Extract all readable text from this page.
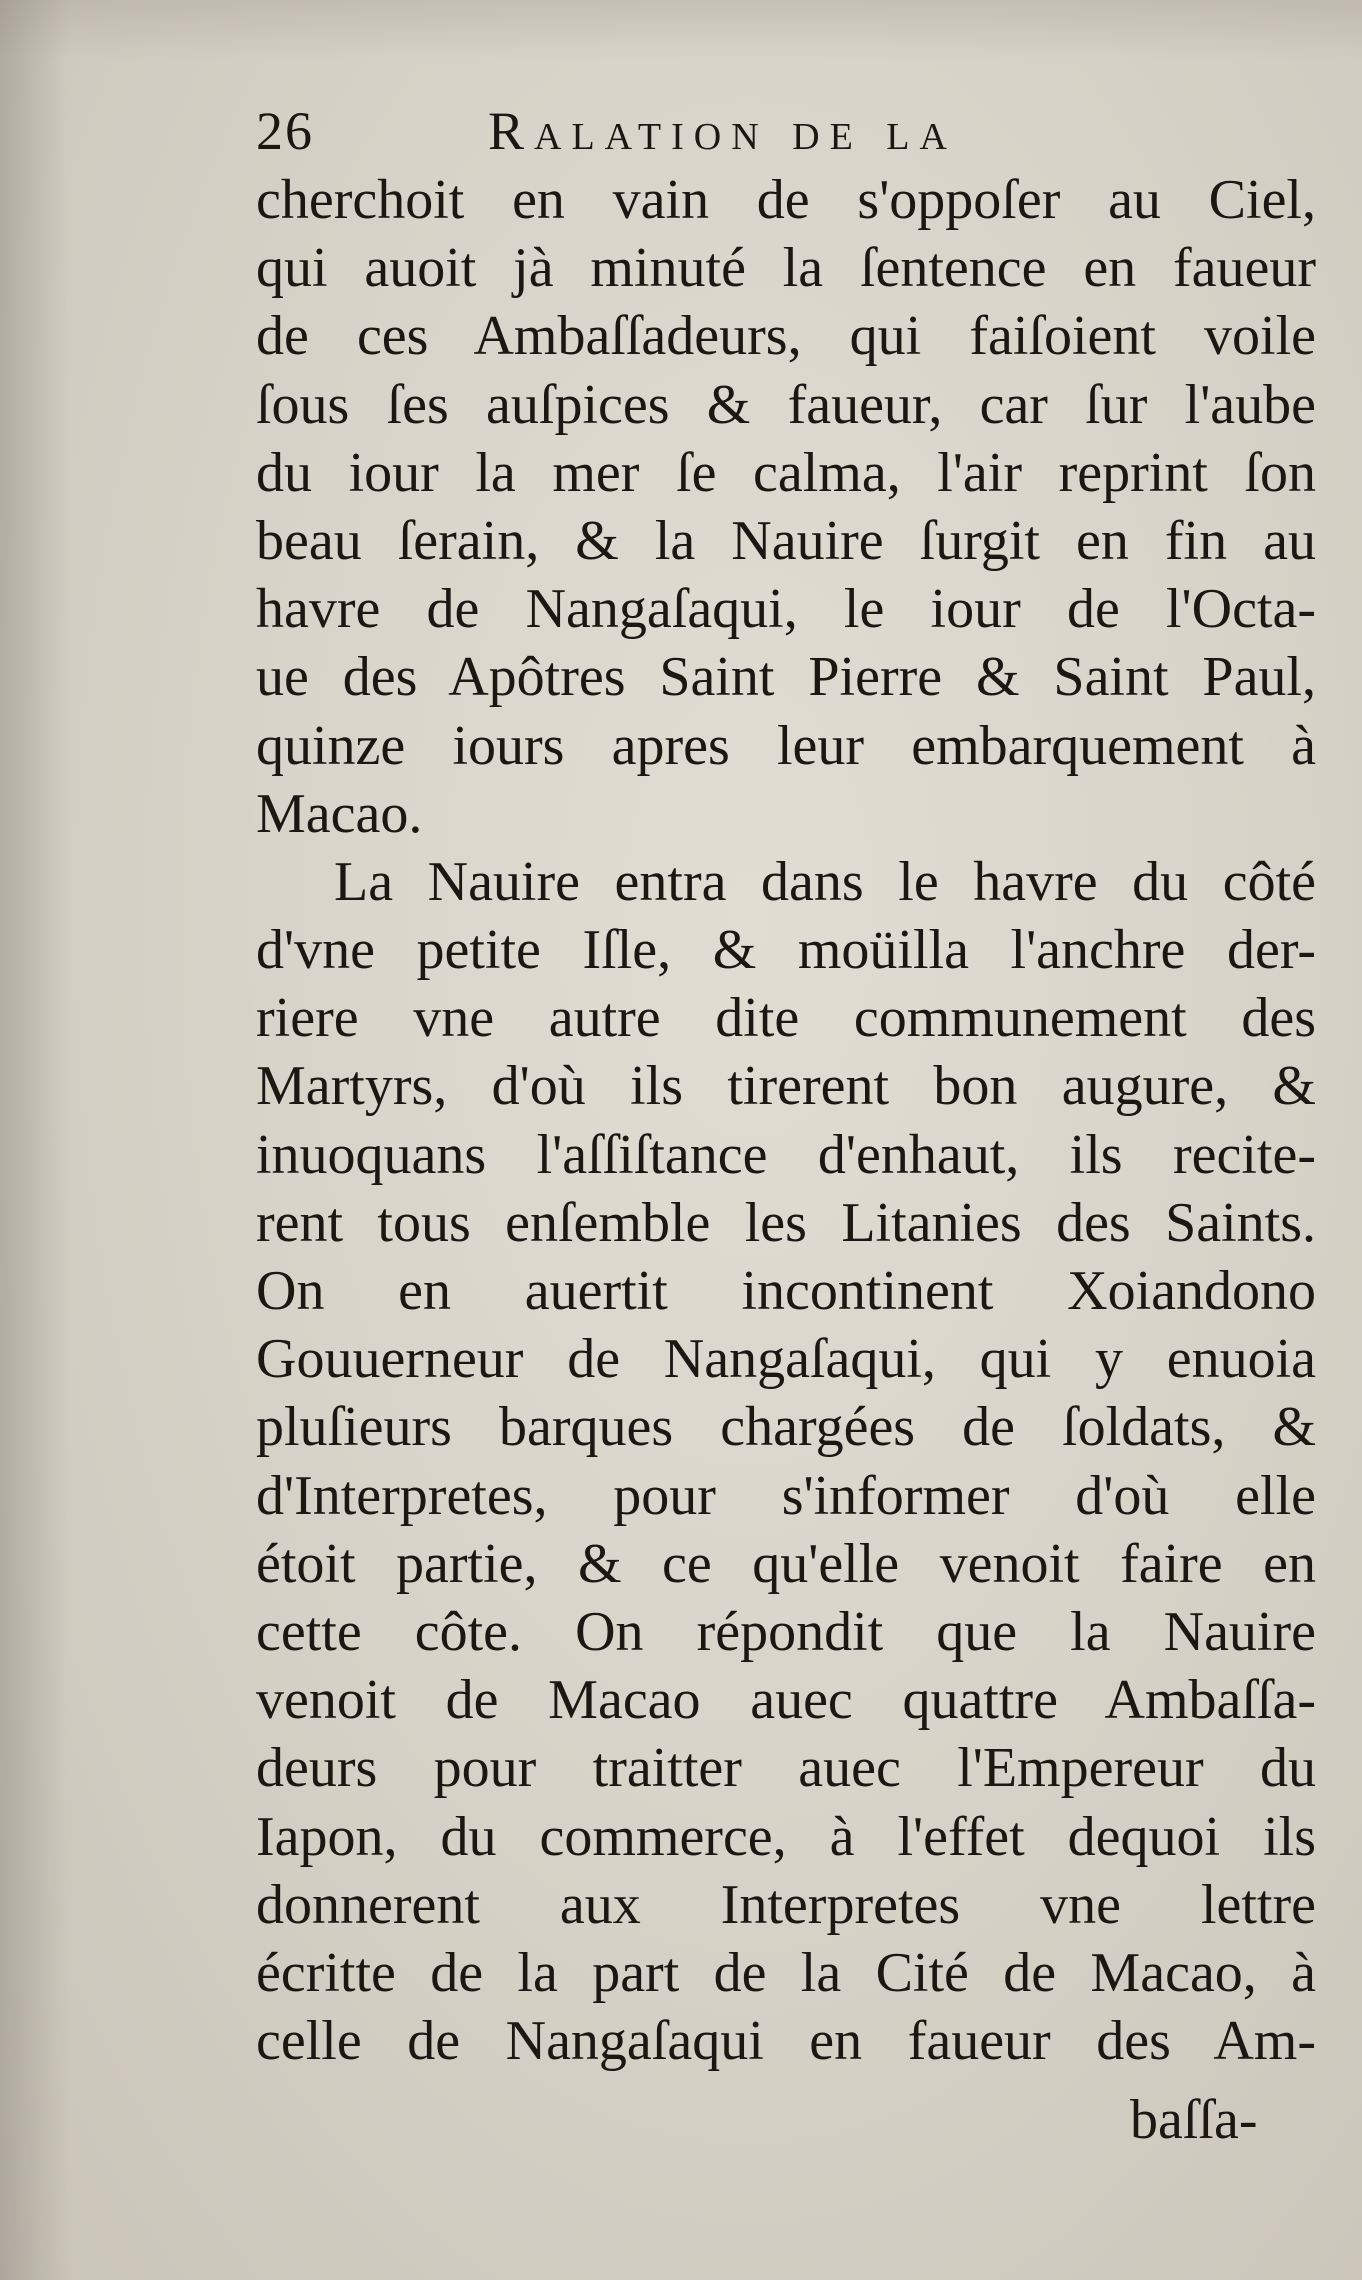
26	Ralation de la
cherchoit en vain de s'oppoſer au Ciel,
qui auoit jà minuté la ſentence en faueur
de ces Ambaſſadeurs, qui faiſoient voile
ſous ſes auſpices & faueur, car ſur l'aube
du iour la mer ſe calma, l'air reprint ſon
beau ſerain, & la Nauire ſurgit en fin au
havre de Nangaſaqui, le iour de l'Octa-
ue des Apôtres Saint Pierre & Saint Paul,
quinze iours apres leur embarquement à
Macao.
La Nauire entra dans le havre du côté
d'vne petite Iſle, & moüilla l'anchre der-
riere vne autre dite communement des
Martyrs, d'où ils tirerent bon augure, &
inuoquans l'aſſiſtance d'enhaut, ils recite-
rent tous enſemble les Litanies des Saints.
On en auertit incontinent Xoiandono
Gouuerneur de Nangaſaqui, qui y enuoia
pluſieurs barques chargées de ſoldats, &
d'Interpretes, pour s'informer d'où elle
étoit partie, & ce qu'elle venoit faire en
cette côte. On répondit que la Nauire
venoit de Macao auec quattre Ambaſſa-
deurs pour traitter auec l'Empereur du
Iapon, du commerce, à l'effet dequoi ils
donnerent aux Interpretes vne lettre
écritte de la part de la Cité de Macao, à
celle de Nangaſaqui en faueur des Am-
baſſa-
